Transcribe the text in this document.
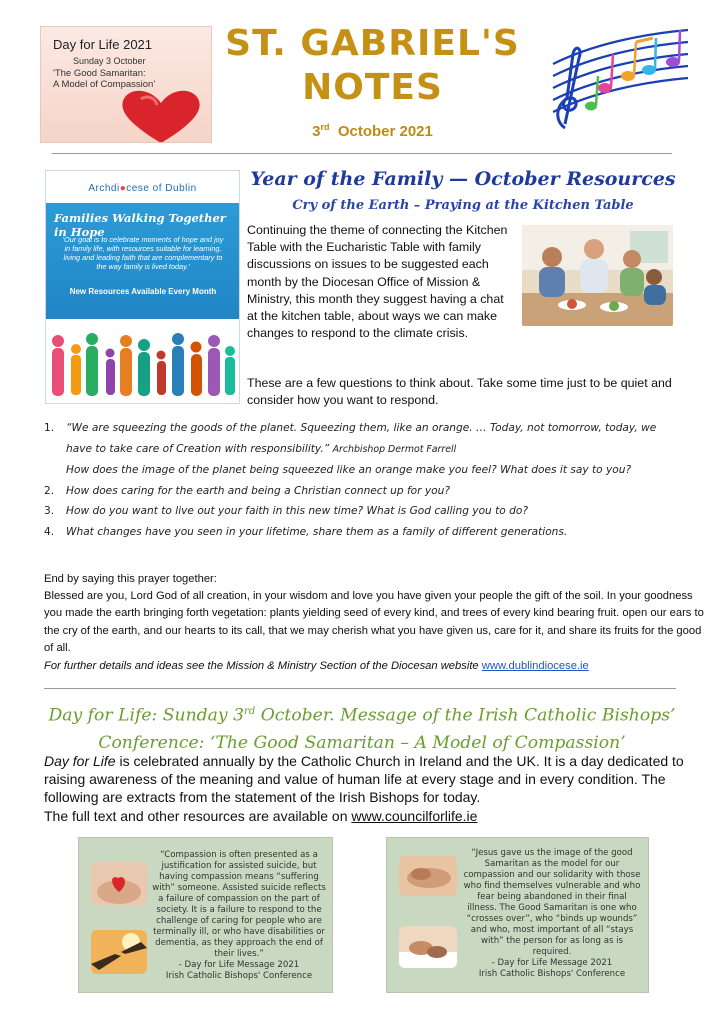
Day for Life 2021
Sunday 3 October
'The Good Samaritan:
A Model of Compassion'
ST. GABRIEL'S
NOTES
3rd October 2021
Archdi●cese of Dublin
Families Walking Together in Hope
'Our goal is to celebrate moments of hope and joy in family life, with resources suitable for learning, living and leading faith that are complementary to the way family is lived today.'
New Resources Available Every Month
Year of the Family — October Resources
Cry of the Earth – Praying at the Kitchen Table
Continuing the theme of connecting the Kitchen Table with the Eucharistic Table with family discussions on issues to be suggested each month by the Diocesan Office of Mission & Ministry, this month they suggest having a chat at the kitchen table, about ways we can make changes to respond to the climate crisis.
These are a few questions to think about. Take some time just to be quiet and consider how you want to respond.
1. “We are squeezing the goods of the planet. Squeezing them, like an orange. … Today, not tomorrow, today, we have to take care of Creation with responsibility.” Archbishop Dermot Farrell
How does the image of the planet being squeezed like an orange make you feel? What does it say to you?
2. How does caring for the earth and being a Christian connect up for you?
3. How do you want to live out your faith in this new time? What is God calling you to do?
4. What changes have you seen in your lifetime, share them as a family of different generations.
End by saying this prayer together:
Blessed are you, Lord God of all creation, in your wisdom and love you have given your people the gift of the soil. In your goodness you made the earth bringing forth vegetation: plants yielding seed of every kind, and trees of every kind bearing fruit. open our ears to the cry of the earth, and our hearts to its call, that we may cherish what you have given us, care for it, and share its fruits for the good of all.
For further details and ideas see the Mission & Ministry Section of the Diocesan website www.dublindiocese.ie
Day for Life: Sunday 3rd October. Message of the Irish Catholic Bishops’ Conference: ‘The Good Samaritan – A Model of Compassion’
Day for Life is celebrated annually by the Catholic Church in Ireland and the UK. It is a day dedicated to raising awareness of the meaning and value of human life at every stage and in every condition. The following are extracts from the statement of the Irish Bishops for today.
The full text and other resources are available on www.councilforlife.ie
“Compassion is often presented as a justification for assisted suicide, but having compassion means “suffering with” someone. Assisted suicide reflects a failure of compassion on the part of society. It is a failure to respond to the challenge of caring for people who are terminally ill, or who have disabilities or dementia, as they approach the end of their lives.”
- Day for Life Message 2021
Irish Catholic Bishops' Conference
“Jesus gave us the image of the good Samaritan as the model for our compassion and our solidarity with those who find themselves vulnerable and who fear being abandoned in their final illness. The Good Samaritan is one who “crosses over”, who “binds up wounds” and who, most important of all “stays with” the person for as long as is required.
- Day for Life Message 2021
Irish Catholic Bishops' Conference
